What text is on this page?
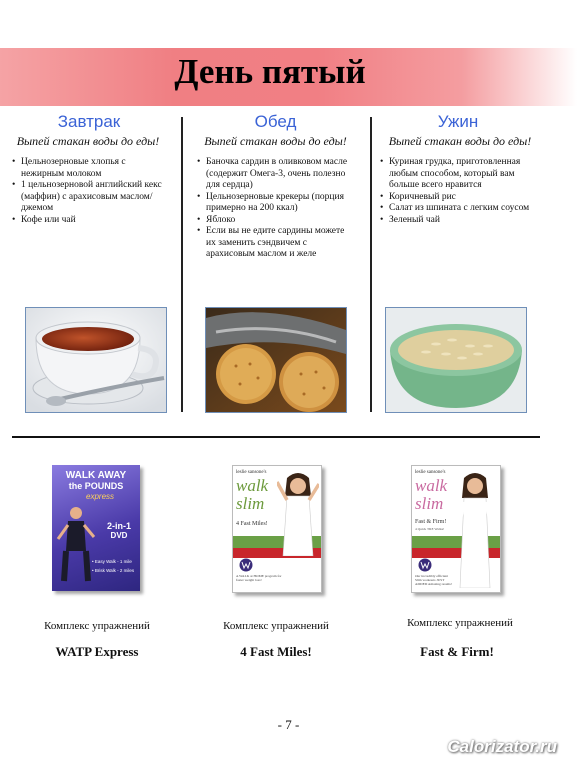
День пятый
Завтрак
Выпей стакан воды до еды!
• Цельнозерновые хлопья с нежирным молоком
• 1 цельнозерновой английский кекс (маффин) с арахисовым маслом/джемом
• Кофе или чай
Обед
Выпей стакан воды до еды!
• Баночка сардин в оливковом масле (содержит Омега-3, очень полезно для сердца)
• Цельнозерновые крекеры (порция примерно на 200 ккал)
• Яблоко
• Если вы не едите сардины можете их заменить сэндвичем с арахисовым маслом и желе
Ужин
Выпей стакан воды до еды!
• Куриная грудка, приготовленная любым способом, который вам больше всего нравится
• Коричневый рис
• Салат из шпината с легким соусом
• Зеленый чай
WALK AWAY
the POUNDS
express
2-in-1
DVD
• Easy Walk - 1 mile
• Brisk Walk - 2 miles
leslie sansone's
walk
slim
4 Fast Miles!
A WALK at HOME program for faster weight loss!
leslie sansone's
walk
slim
Fast & Firm!
4 Quick TRE Walks!
Our incredibly efficient Slim workouts JUST ADDED Amazing results!
Комплекс упражнений
WATP Express
Комплекс упражнений
4 Fast Miles!
Комплекс упражнений
Fast & Firm!
- 7 -
Calorizator.ru
